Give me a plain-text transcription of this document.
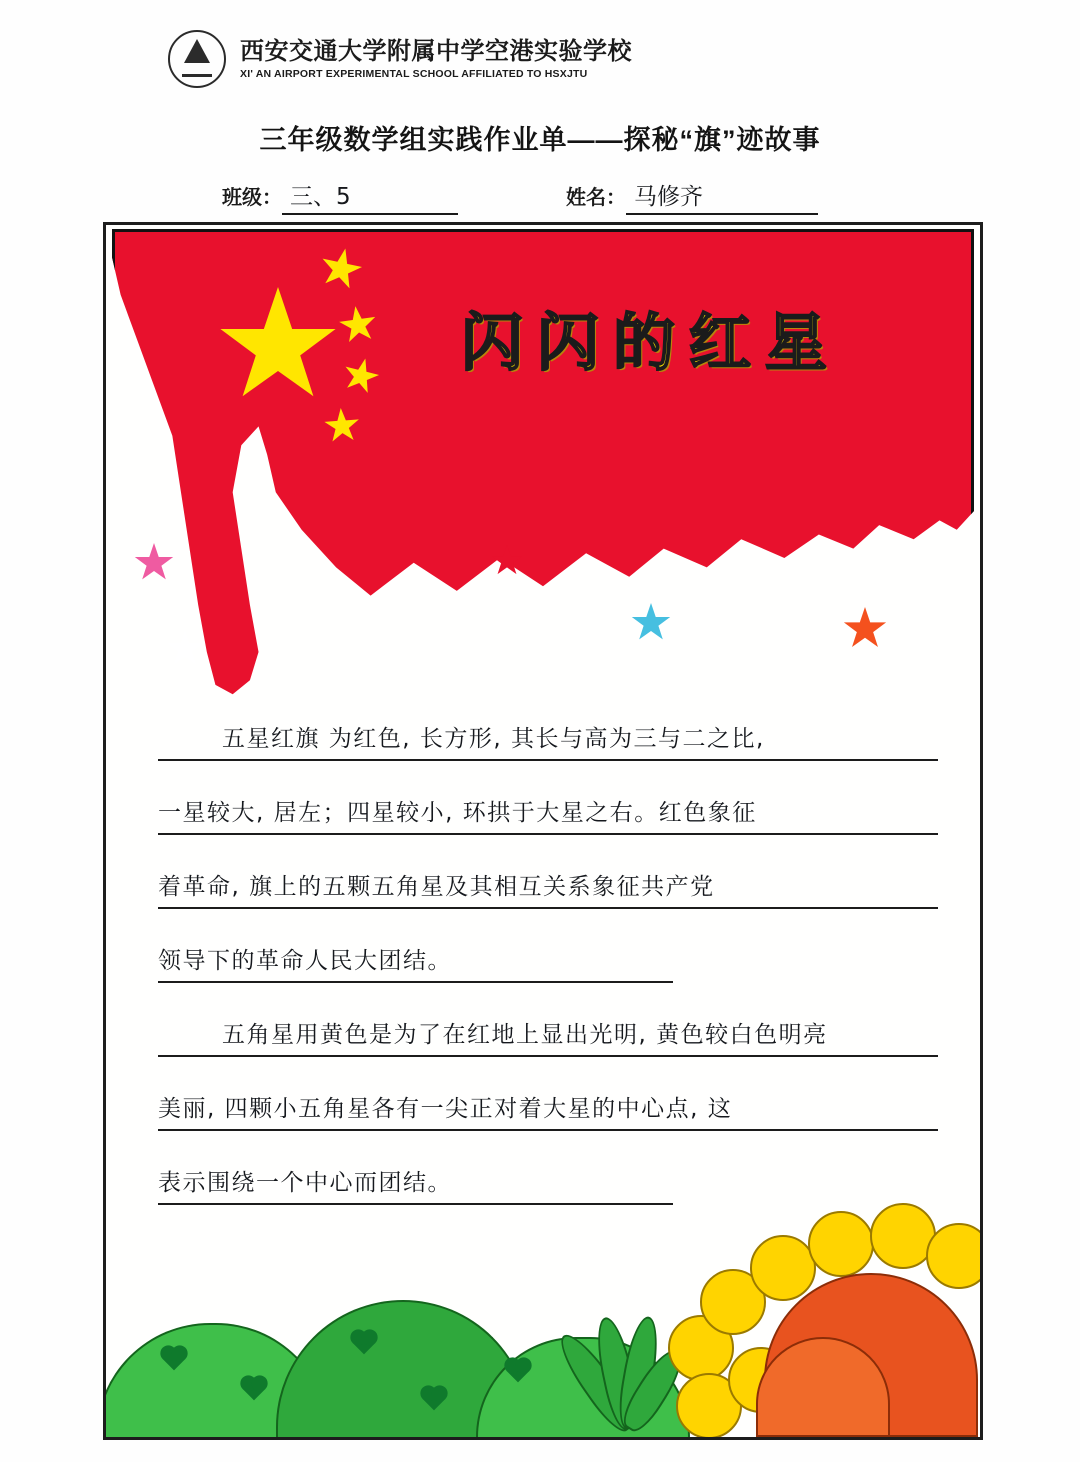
西安交通大学附属中学空港实验学校
XI' AN AIRPORT EXPERIMENTAL SCHOOL AFFILIATED TO HSXJTU
三年级数学组实践作业单——探秘“旗”迹故事
班级： 三、5	姓名： 马修齐
闪闪的红星
五星红旗 为红色, 长方形, 其长与高为三与二之比,
一星较大, 居左；四星较小, 环拱于大星之右。红色象征
着革命, 旗上的五颗五角星及其相互关系象征共产党
领导下的革命人民大团结。
五角星用黄色是为了在红地上显出光明, 黄色较白色明亮
美丽, 四颗小五角星各有一尖正对着大星的中心点, 这
表示围绕一个中心而团结。
